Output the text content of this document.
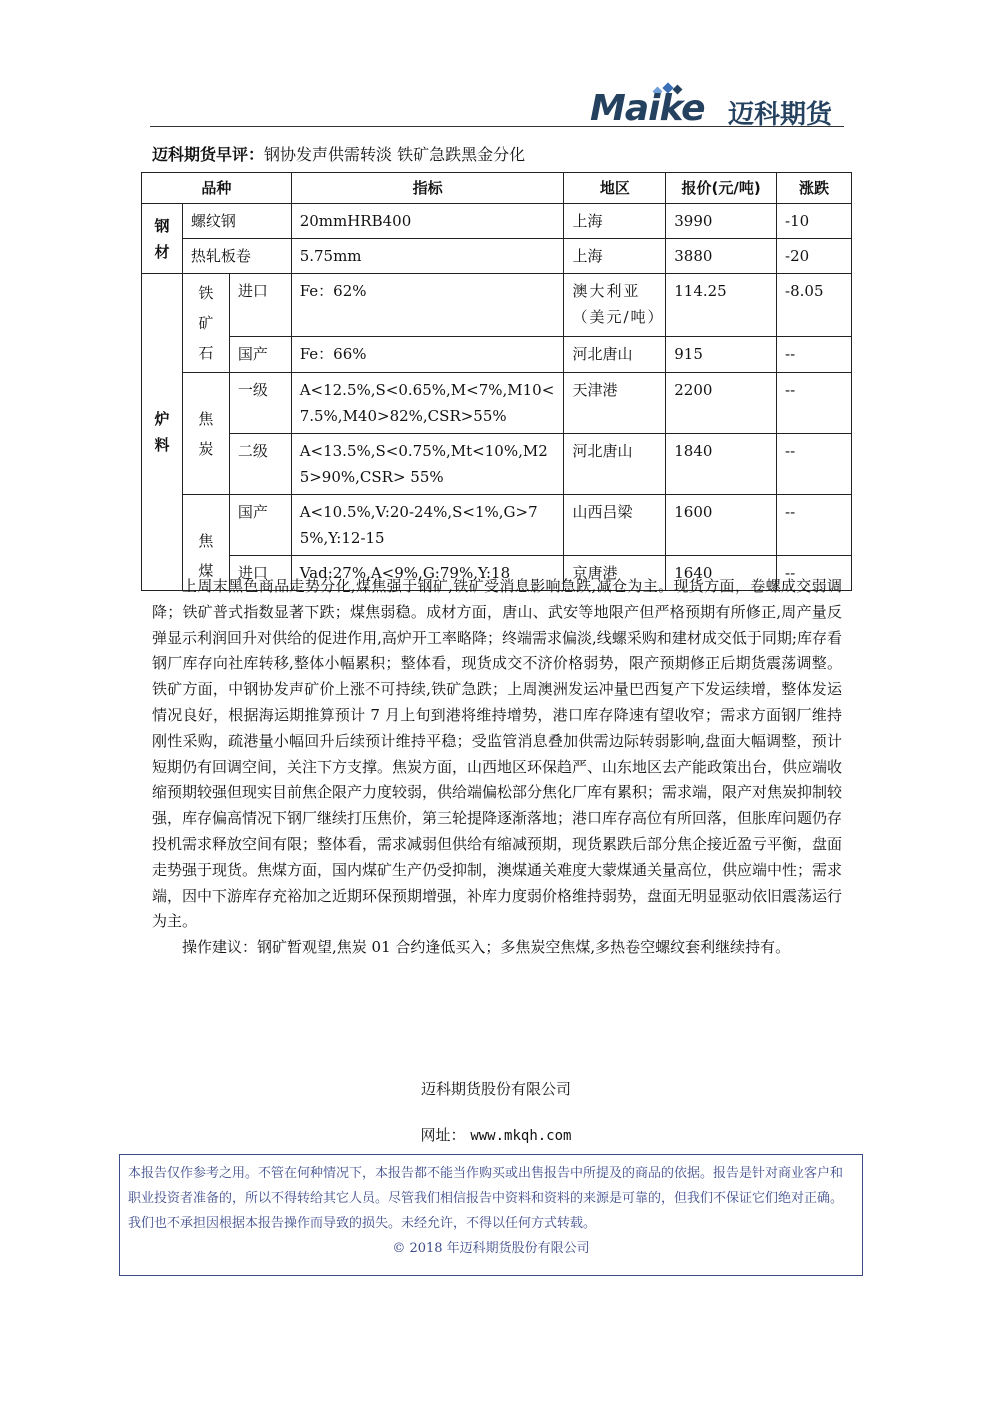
Maike 迈科期货
迈科期货早评：钢协发声供需转淡 铁矿急跌黑金分化
品种			指标	地区	报价(元/吨)	涨跌

钢材	螺纹钢		20mmHRB400	上海	3990	-10
	热轧板卷		5.75mm	上海	3880	-20

炉料	铁矿石	进口	Fe：62%	澳大利亚（美元/吨）	114.25	-8.05
		国产	Fe：66%	河北唐山	915	--

	焦炭	一级	A<12.5%,S<0.65%,M<7%,M10<7.5%,M40>82%,CSR>55%	天津港	2200	--
		二级	A<13.5%,S<0.75%,Mt<10%,M25>90%,CSR> 55%	河北唐山	1840	--

	焦煤	国产	A<10.5%,V:20-24%,S<1%,G>75%,Y:12-15	山西吕梁	1600	--
		进口	Vad:27%,A<9%,G:79%,Y:18	京唐港	1640	--

上周末黑色商品走势分化,煤焦强于钢矿,铁矿受消息影响急跌,减仓为主。现货方面，卷螺成交弱调降；铁矿普式指数显著下跌；煤焦弱稳。成材方面，唐山、武安等地限产但严格预期有所修正,周产量反弹显示利润回升对供给的促进作用,高炉开工率略降；终端需求偏淡,线螺采购和建材成交低于同期;库存看钢厂库存向社库转移,整体小幅累积；整体看，现货成交不济价格弱势，限产预期修正后期货震荡调整。铁矿方面，中钢协发声矿价上涨不可持续,铁矿急跌；上周澳洲发运冲量巴西复产下发运续增，整体发运情况良好，根据海运期推算预计 7 月上旬到港将维持增势，港口库存降速有望收窄；需求方面钢厂维持刚性采购，疏港量小幅回升后续预计维持平稳；受监管消息叠加供需边际转弱影响,盘面大幅调整，预计短期仍有回调空间，关注下方支撑。焦炭方面，山西地区环保趋严、山东地区去产能政策出台，供应端收缩预期较强但现实目前焦企限产力度较弱，供给端偏松部分焦化厂库有累积；需求端，限产对焦炭抑制较强，库存偏高情况下钢厂继续打压焦价，第三轮提降逐渐落地；港口库存高位有所回落，但胀库问题仍存投机需求释放空间有限；整体看，需求减弱但供给有缩减预期，现货累跌后部分焦企接近盈亏平衡，盘面走势强于现货。焦煤方面，国内煤矿生产仍受抑制，澳煤通关难度大蒙煤通关量高位，供应端中性；需求端，因中下游库存充裕加之近期环保预期增强，补库力度弱价格维持弱势，盘面无明显驱动依旧震荡运行为主。

操作建议：钢矿暂观望,焦炭 01 合约逢低买入；多焦炭空焦煤,多热卷空螺纹套利继续持有。

迈科期货股份有限公司
网址： www.mkqh.com
本报告仅作参考之用。不管在何种情况下，本报告都不能当作购买或出售报告中所提及的商品的依据。报告是针对商业客户和职业投资者准备的，所以不得转给其它人员。尽管我们相信报告中资料和资料的来源是可靠的，但我们不保证它们绝对正确。我们也不承担因根据本报告操作而导致的损失。未经允许，不得以任何方式转载。
© 2018 年迈科期货股份有限公司
